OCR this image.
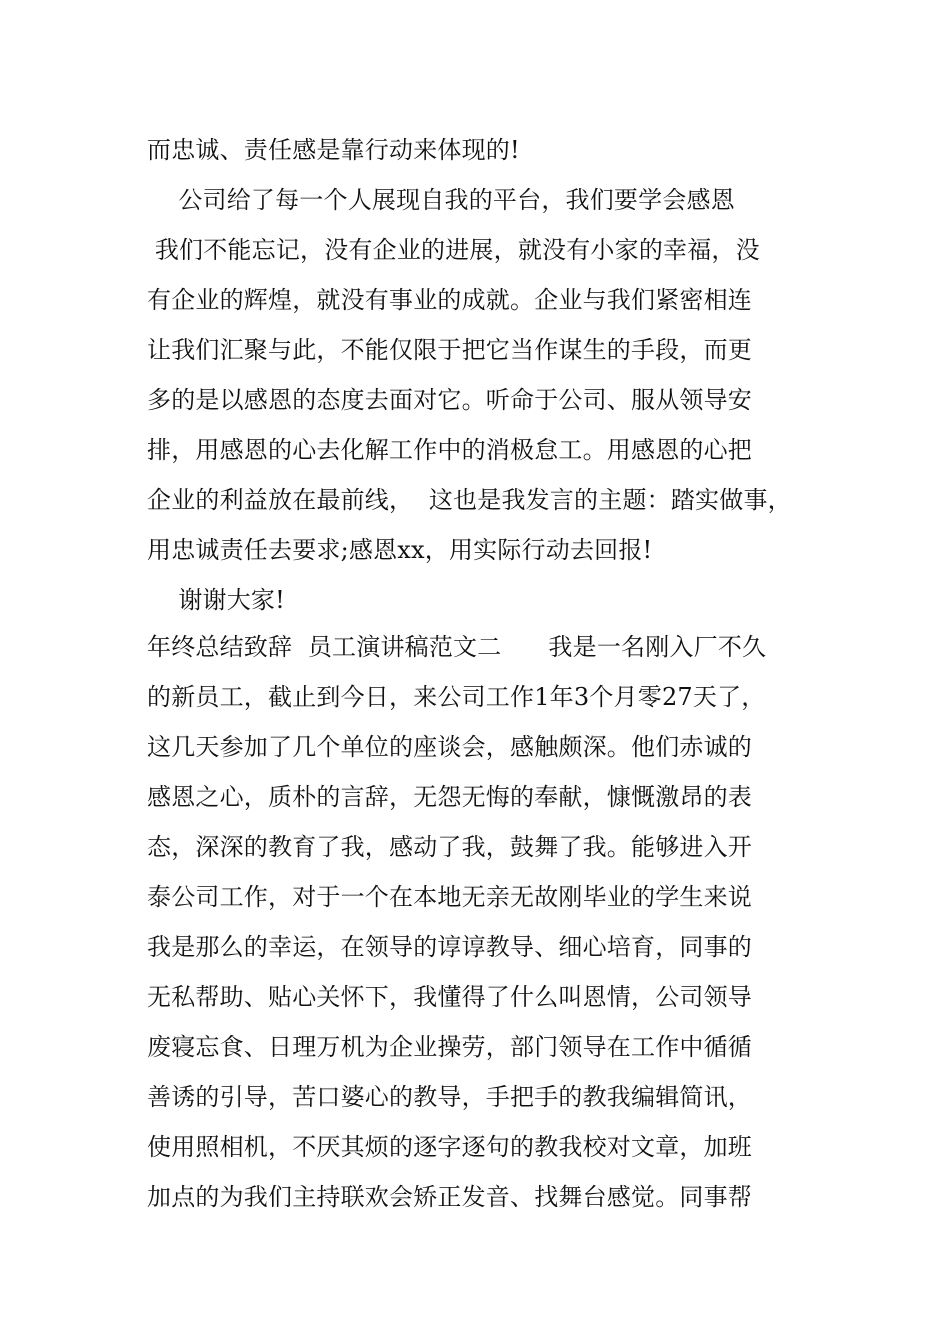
而忠诚、责任感是靠行动来体现的!
公司给了每一个人展现自我的平台，我们要学会感恩
我们不能忘记，没有企业的进展，就没有小家的幸福，没
有企业的辉煌，就没有事业的成就。企业与我们紧密相连
让我们汇聚与此，不能仅限于把它当作谋生的手段，而更
多的是以感恩的态度去面对它。听命于公司、服从领导安
排，用感恩的心去化解工作中的消极怠工。用感恩的心把
企业的利益放在最前线，  这也是我发言的主题：踏实做事，
用忠诚责任去要求;感恩xx，用实际行动去回报!
谢谢大家!
年终总结致辞  员工演讲稿范文二      我是一名刚入厂不久
的新员工，截止到今日，来公司工作1年3个月零27天了，
这几天参加了几个单位的座谈会，感触颇深。他们赤诚的
感恩之心，质朴的言辞，无怨无悔的奉献，慷慨激昂的表
态，深深的教育了我，感动了我，鼓舞了我。能够进入开
泰公司工作，对于一个在本地无亲无故刚毕业的学生来说
我是那么的幸运，在领导的谆谆教导、细心培育，同事的
无私帮助、贴心关怀下，我懂得了什么叫恩情，公司领导
废寝忘食、日理万机为企业操劳，部门领导在工作中循循
善诱的引导，苦口婆心的教导，手把手的教我编辑简讯，
使用照相机，不厌其烦的逐字逐句的教我校对文章，加班
加点的为我们主持联欢会矫正发音、找舞台感觉。同事帮
